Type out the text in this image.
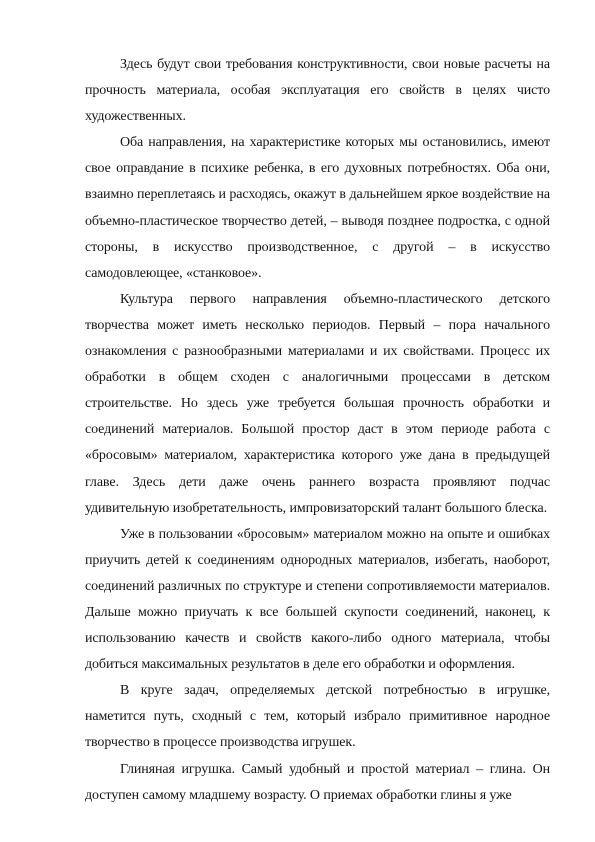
Здесь будут свои требования конструктивности, свои новые расчеты на прочность материала, особая эксплуатация его свойств в целях чисто художественных.

Оба направления, на характеристике которых мы остановились, имеют свое оправдание в психике ребенка, в его духовных потребностях. Оба они, взаимно переплетаясь и расходясь, окажут в дальнейшем яркое воздействие на объемно-пластическое творчество детей, – выводя позднее подростка, с одной стороны, в искусство производственное, с другой – в искусство самодовлеющее, «станковое».

Культура первого направления объемно-пластического детского творчества может иметь несколько периодов. Первый – пора начального ознакомления с разнообразными материалами и их свойствами. Процесс их обработки в общем сходен с аналогичными процессами в детском строительстве. Но здесь уже требуется большая прочность обработки и соединений материалов. Большой простор даст в этом периоде работа с «бросовым» материалом, характеристика которого уже дана в предыдущей главе. Здесь дети даже очень раннего возраста проявляют подчас удивительную изобретательность, импровизаторский талант большого блеска.

Уже в пользовании «бросовым» материалом можно на опыте и ошибках приучить детей к соединениям однородных материалов, избегать, наоборот, соединений различных по структуре и степени сопротивляемости материалов. Дальше можно приучать к все большей скупости соединений, наконец, к использованию качеств и свойств какого-либо одного материала, чтобы добиться максимальных результатов в деле его обработки и оформления.

В круге задач, определяемых детской потребностью в игрушке, наметится путь, сходный с тем, который избрало примитивное народное творчество в процессе производства игрушек.

Глиняная игрушка. Самый удобный и простой материал – глина. Он доступен самому младшему возрасту. О приемах обработки глины я уже
